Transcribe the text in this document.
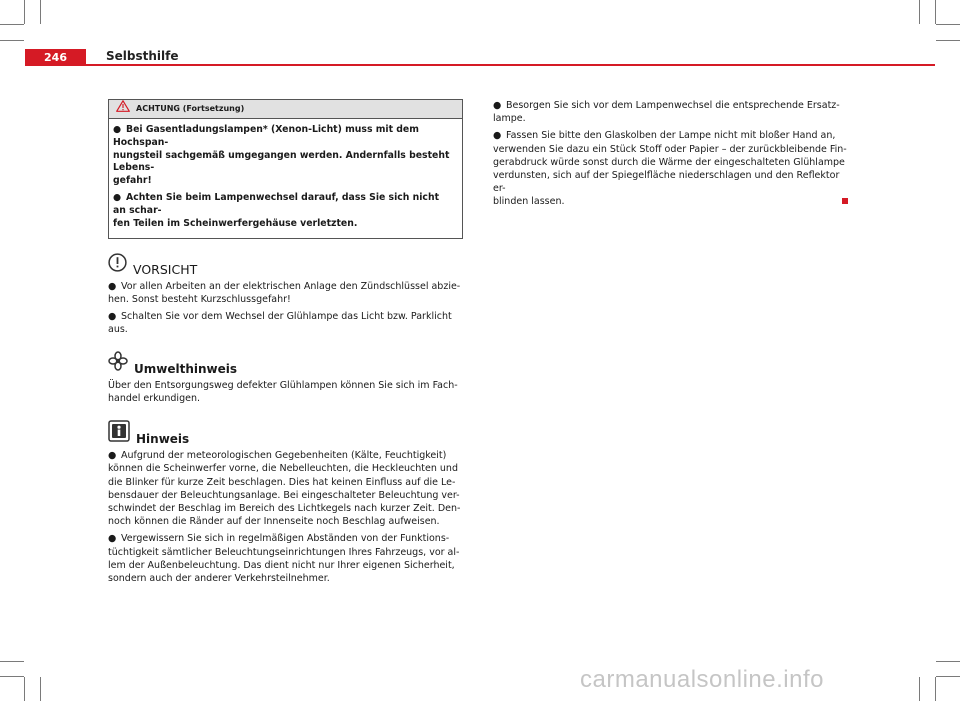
246	Selbsthilfe
ACHTUNG (Fortsetzung)

● Bei Gasentladungslampen* (Xenon-Licht) muss mit dem Hochspan-
nungsteil sachgemäß umgegangen werden. Andernfalls besteht Lebens-
gefahr!

● Achten Sie beim Lampenwechsel darauf, dass Sie sich nicht an schar-
fen Teilen im Scheinwerfergehäuse verletzten.

VORSICHT

● Vor allen Arbeiten an der elektrischen Anlage den Zündschlüssel abzie-
hen. Sonst besteht Kurzschlussgefahr!

● Schalten Sie vor dem Wechsel der Glühlampe das Licht bzw. Parklicht
aus.

Umwelthinweis

Über den Entsorgungsweg defekter Glühlampen können Sie sich im Fach-
handel erkundigen.

Hinweis

● Aufgrund der meteorologischen Gegebenheiten (Kälte, Feuchtigkeit)
können die Scheinwerfer vorne, die Nebelleuchten, die Heckleuchten und
die Blinker für kurze Zeit beschlagen. Dies hat keinen Einfluss auf die Le-
bensdauer der Beleuchtungsanlage. Bei eingeschalteter Beleuchtung ver-
schwindet der Beschlag im Bereich des Lichtkegels nach kurzer Zeit. Den-
noch können die Ränder auf der Innenseite noch Beschlag aufweisen.

● Vergewissern Sie sich in regelmäßigen Abständen von der Funktions-
tüchtigkeit sämtlicher Beleuchtungseinrichtungen Ihres Fahrzeugs, vor al-
lem der Außenbeleuchtung. Das dient nicht nur Ihrer eigenen Sicherheit,
sondern auch der anderer Verkehrsteilnehmer.

● Besorgen Sie sich vor dem Lampenwechsel die entsprechende Ersatz-
lampe.

● Fassen Sie bitte den Glaskolben der Lampe nicht mit bloßer Hand an,
verwenden Sie dazu ein Stück Stoff oder Papier – der zurückbleibende Fin-
gerabdruck würde sonst durch die Wärme der eingeschalteten Glühlampe
verdunsten, sich auf der Spiegelfläche niederschlagen und den Reflektor er-
blinden lassen.

carmanualsonline.info
